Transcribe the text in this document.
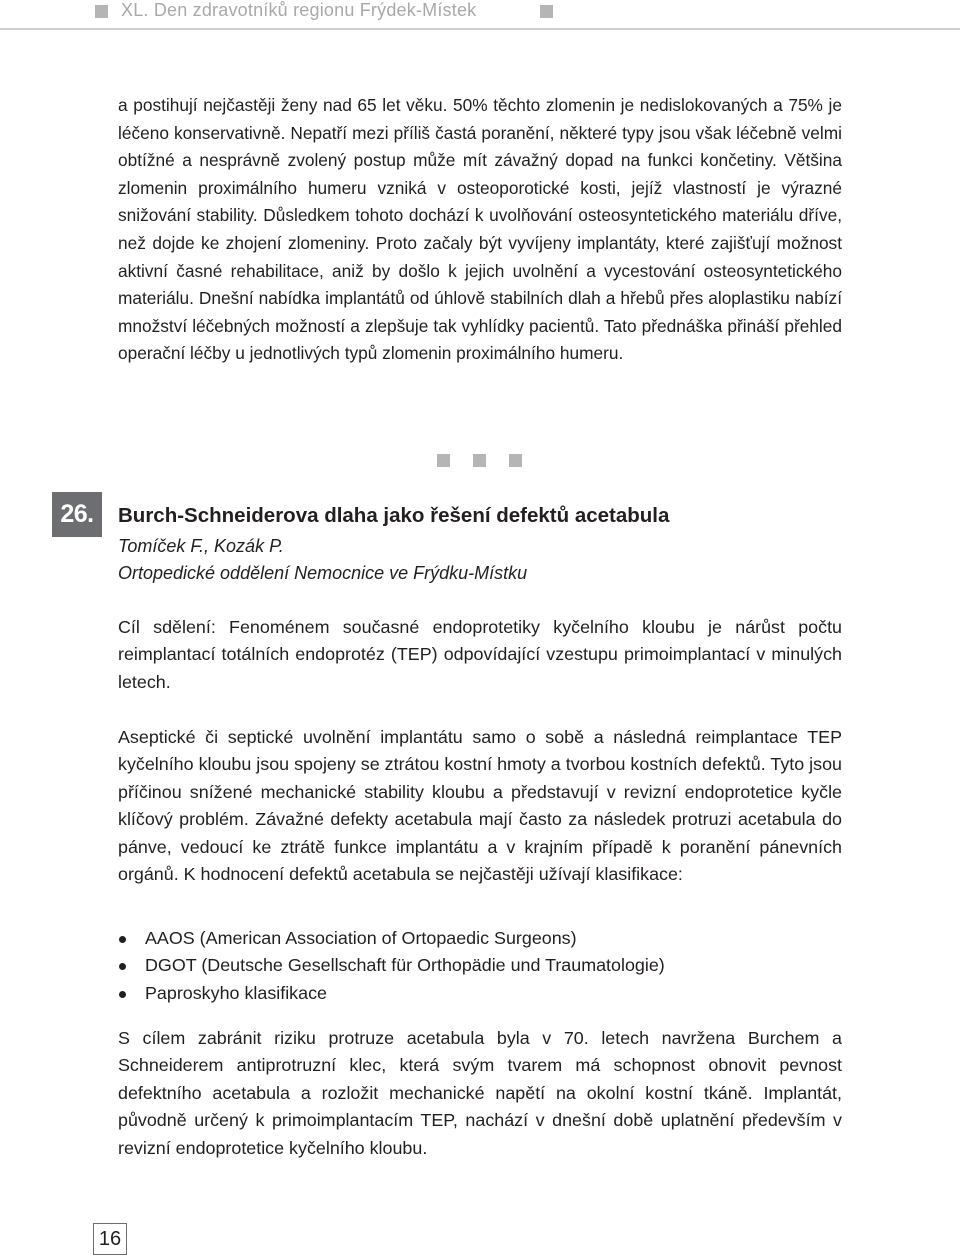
XL. Den zdravotníků regionu Frýdek-Místek

a postihují nejčastěji ženy nad 65 let věku. 50% těchto zlomenin je nedislokovaných a 75% je léčeno konservativně. Nepatří mezi příliš častá poranění, některé typy jsou však léčebně velmi obtížné a nesprávně zvolený postup může mít závažný dopad na funkci končetiny. Většina zlomenin proximálního humeru vzniká v osteoporotické kosti, jejíž vlastností je výrazné snižování stability. Důsledkem tohoto dochází k uvolňování osteosyntetického materiálu dříve, než dojde ke zhojení zlomeniny. Proto začaly být vyvíjeny implantáty, které zajišťují možnost aktivní časné rehabilitace, aniž by došlo k jejich uvolnění a vycestování osteosyntetického materiálu. Dnešní nabídka implantátů od úhlově stabilních dlah a hřebů přes aloplastiku nabízí množství léčebných možností a zlepšuje tak vyhlídky pacientů. Tato přednáška přináší přehled operační léčby u jednotlivých typů zlomenin proximálního humeru.

26.	Burch-Schneiderova dlaha jako řešení defektů acetabula
Tomíček F., Kozák P.
Ortopedické oddělení Nemocnice ve Frýdku-Místku

Cíl sdělení: Fenoménem současné endoprotetiky kyčelního kloubu je nárůst počtu reimplantací totálních endoprotéz (TEP) odpovídající vzestupu primoimplantací v minulých letech.

Aseptické či septické uvolnění implantátu samo o sobě a následná reimplantace TEP kyčelního kloubu jsou spojeny se ztrátou kostní hmoty a tvorbou kostních defektů. Tyto jsou příčinou snížené mechanické stability kloubu a představují v revizní endoprotetice kyčle klíčový problém. Závažné defekty acetabula mají často za následek protruzi acetabula do pánve, vedoucí ke ztrátě funkce implantátu a v krajním případě k poranění pánevních orgánů. K hodnocení defektů acetabula se nejčastěji užívají klasifikace:

AAOS (American Association of Ortopaedic Surgeons)
DGOT (Deutsche Gesellschaft für Orthopädie und Traumatologie)
Paproskyho klasifikace

S cílem zabránit riziku protruze acetabula byla v 70. letech navržena Burchem a Schneiderem antiprotruzní klec, která svým tvarem má schopnost obnovit pevnost defektního acetabula a rozložit mechanické napětí na okolní kostní tkáně. Implantát, původně určený k primoimplantacím TEP, nachází v dnešní době uplatnění především v revizní endoprotetice kyčelního kloubu.

16
